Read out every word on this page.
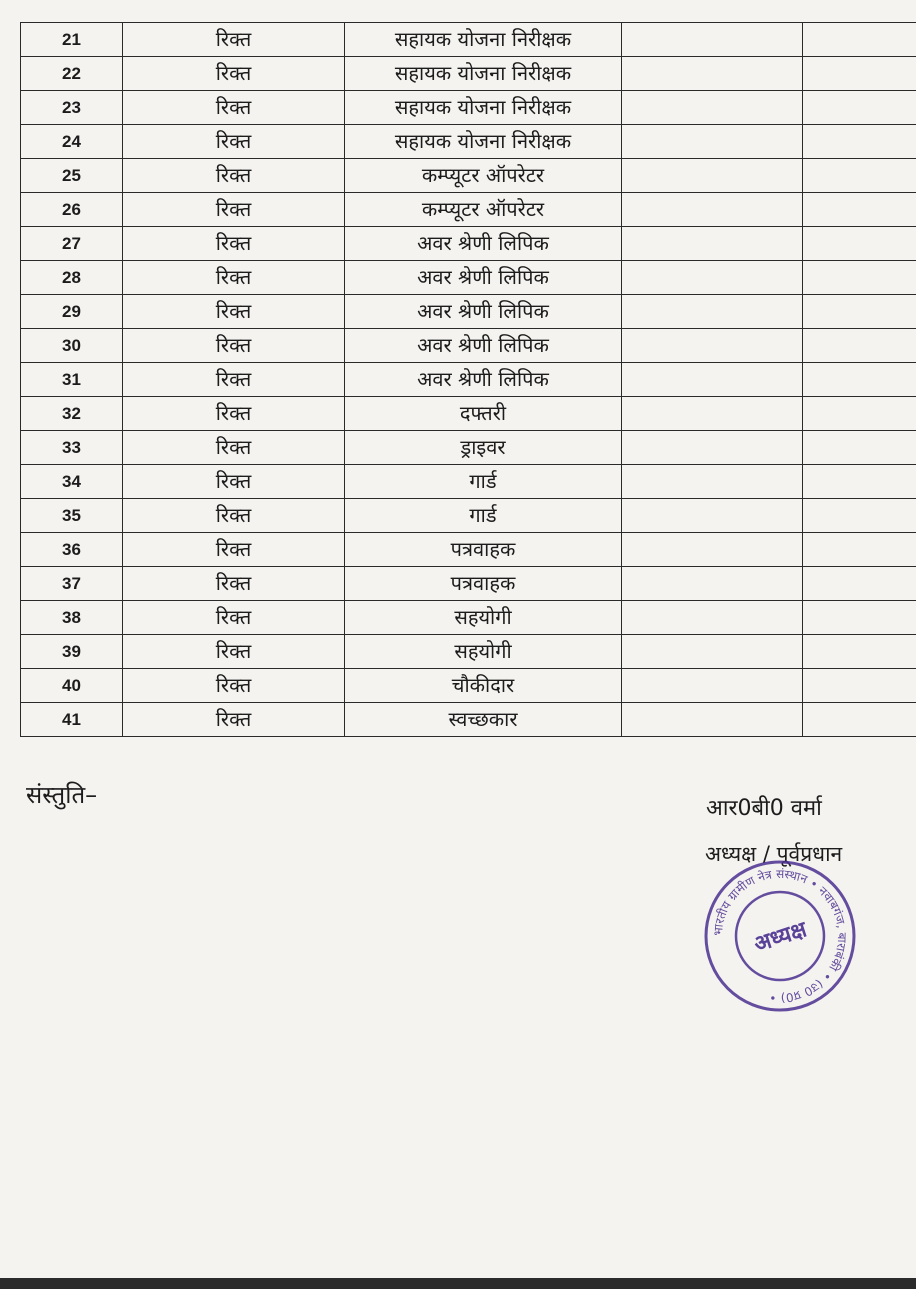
21	रिक्त	सहायक योजना निरीक्षक		
22	रिक्त	सहायक योजना निरीक्षक		
23	रिक्त	सहायक योजना निरीक्षक		
24	रिक्त	सहायक योजना निरीक्षक		
25	रिक्त	कम्प्यूटर ऑपरेटर		
26	रिक्त	कम्प्यूटर ऑपरेटर		
27	रिक्त	अवर श्रेणी लिपिक		
28	रिक्त	अवर श्रेणी लिपिक		
29	रिक्त	अवर श्रेणी लिपिक		
30	रिक्त	अवर श्रेणी लिपिक		
31	रिक्त	अवर श्रेणी लिपिक		
32	रिक्त	दफ्तरी		
33	रिक्त	ड्राइवर		
34	रिक्त	गार्ड		
35	रिक्त	गार्ड		
36	रिक्त	पत्रवाहक		
37	रिक्त	पत्रवाहक		
38	रिक्त	सहयोगी		
39	रिक्त	सहयोगी		
40	रिक्त	चौकीदार		
41	रिक्त	स्वच्छकार		
संस्तुति–	आर0बी0 वर्मा
अध्यक्ष / पूर्वप्रधान
भारतीय ग्रामीण नेत्र संस्थान • नवाबगंज, बाराबंकी • (उ0 प्र0) •
अध्यक्ष
